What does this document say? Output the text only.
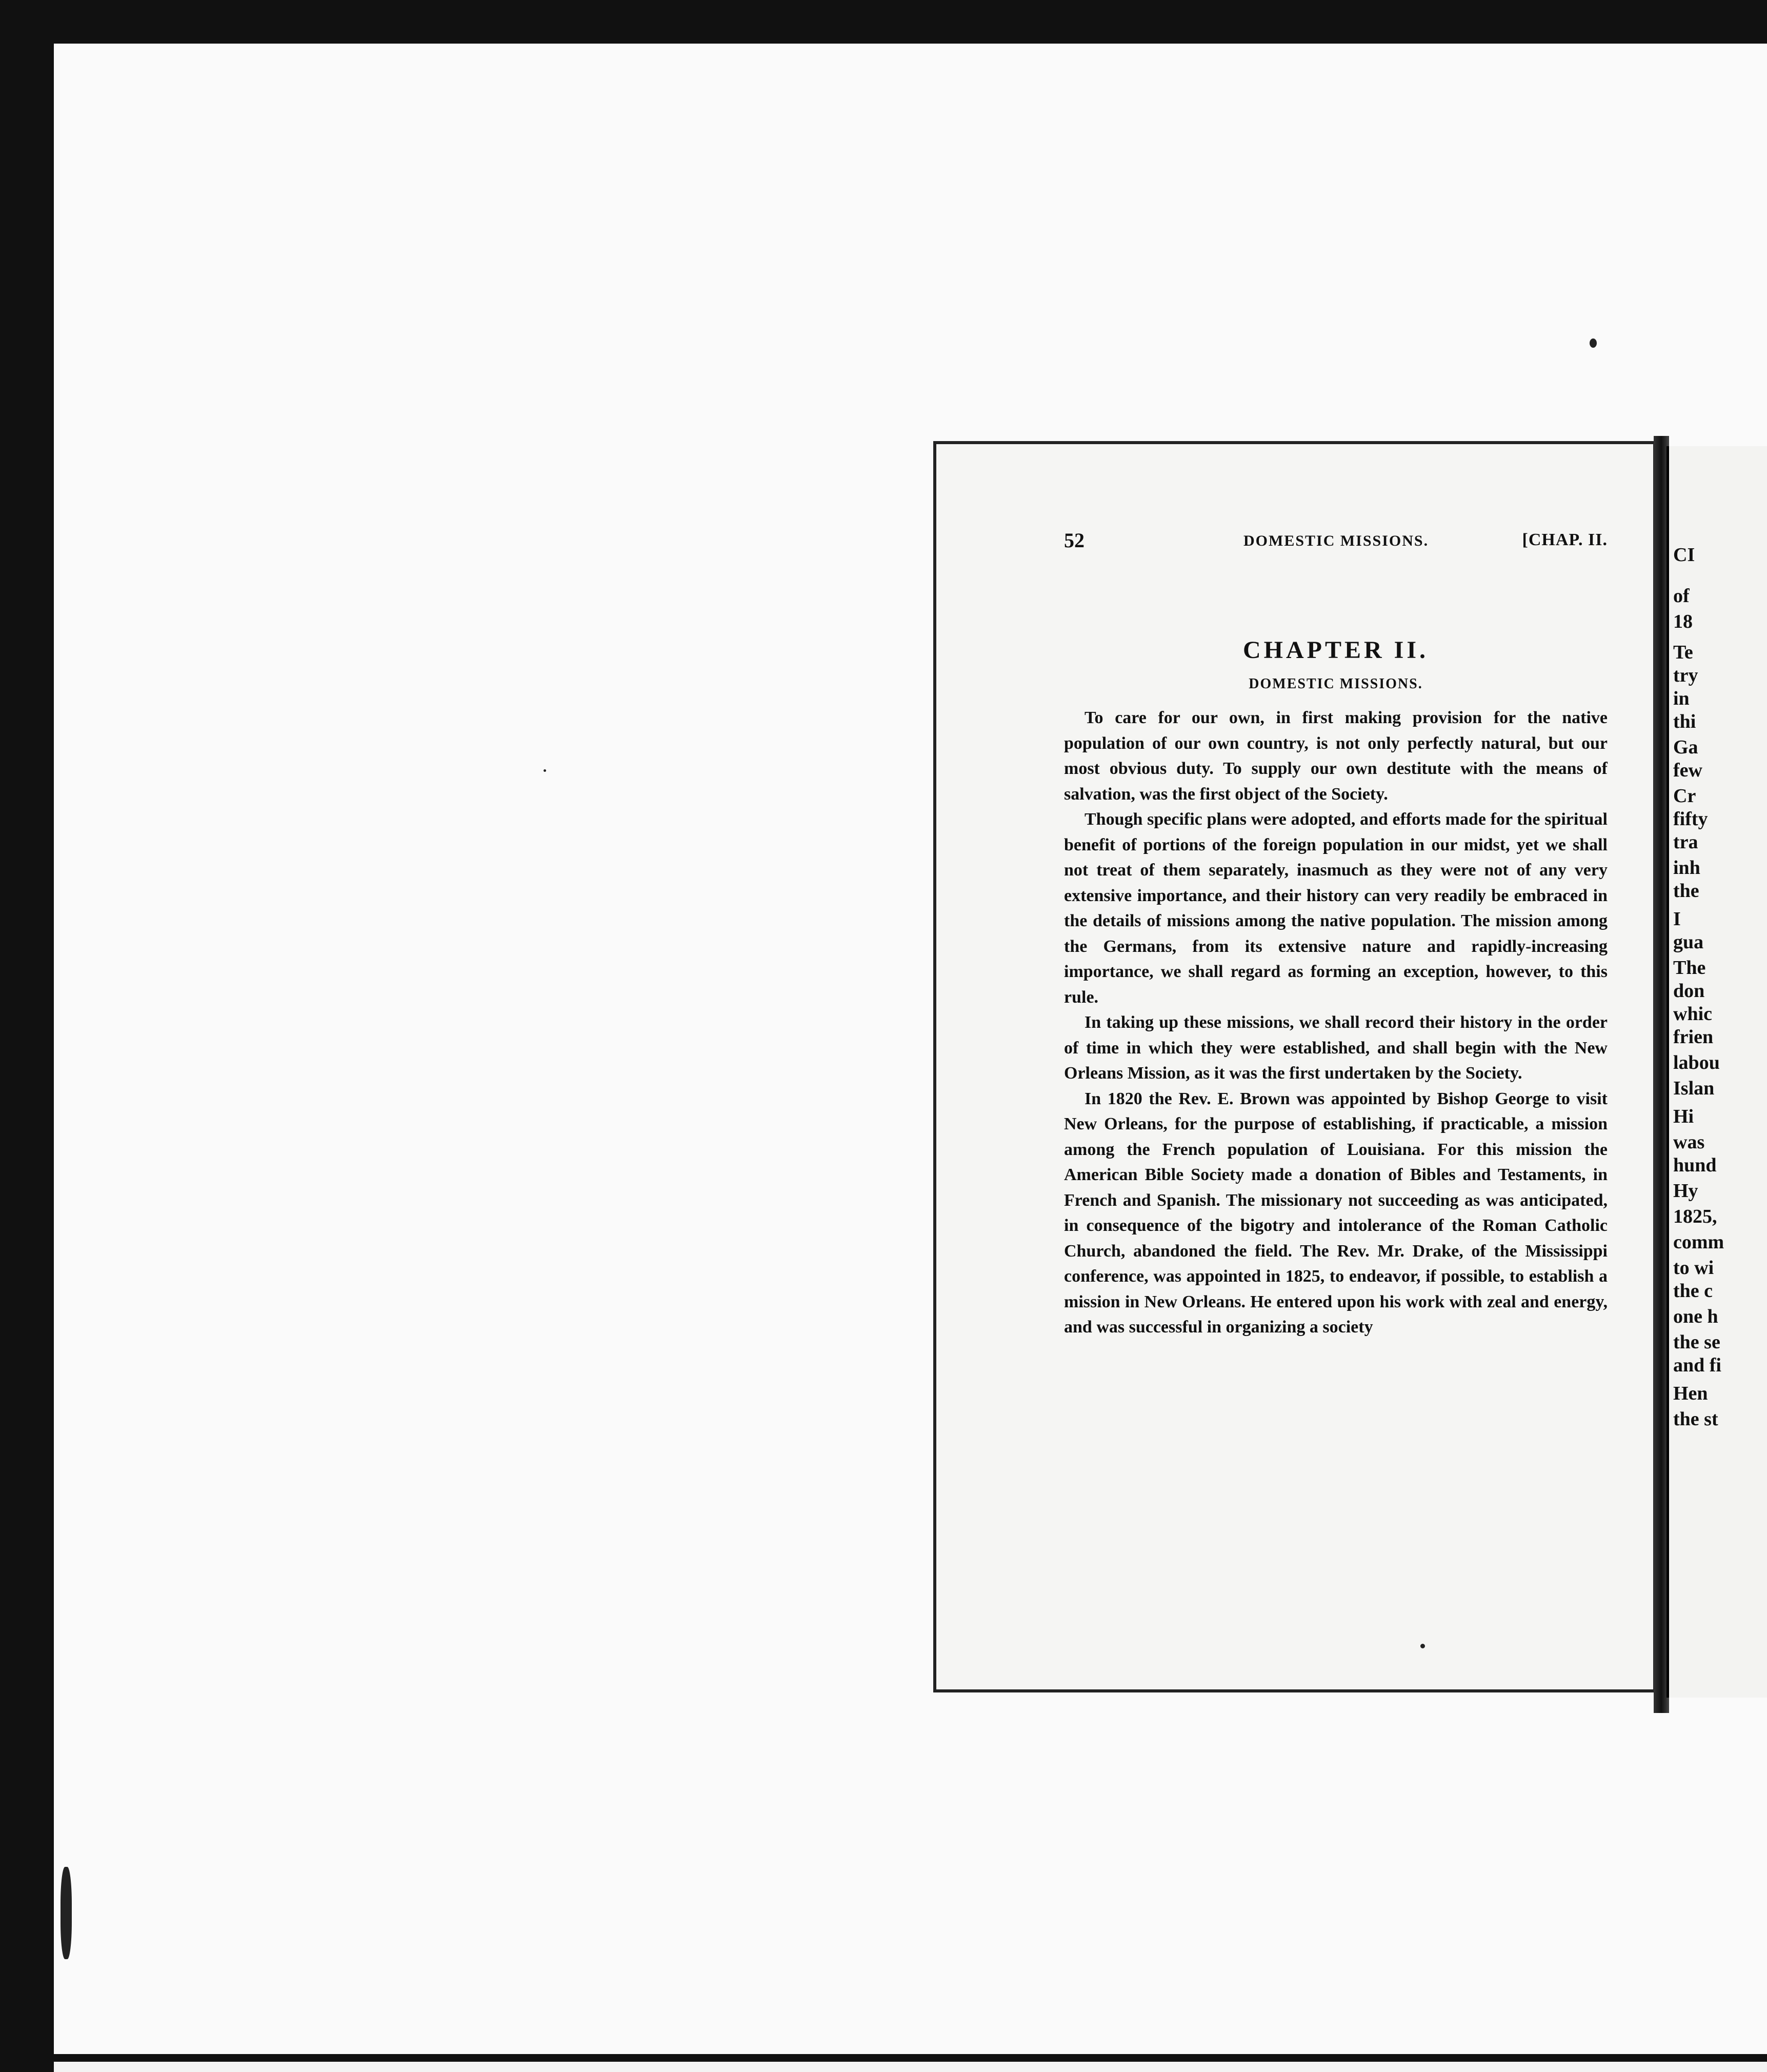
CI
of
18
Te
try
in
thi
Ga
few
Cr
fifty
tra
inh
the
I
gua
The
don
whic
frien
labou
Islan
Hi
was
hund
Hy
1825,
comm
to wi
the c
one h
the se
and fi
Hen
the st
52	DOMESTIC MISSIONS.	[CHAP. II.
CHAPTER II.
DOMESTIC MISSIONS.

To care for our own, in first making provision for the native population of our own country, is not only perfectly natural, but our most obvious duty. To supply our own destitute with the means of salvation, was the first object of the Society.

Though specific plans were adopted, and efforts made for the spiritual benefit of portions of the foreign population in our midst, yet we shall not treat of them separately, inasmuch as they were not of any very extensive importance, and their history can very readily be embraced in the details of missions among the native population. The mission among the Germans, from its extensive nature and rapidly-increasing importance, we shall regard as forming an exception, however, to this rule.

In taking up these missions, we shall record their history in the order of time in which they were established, and shall begin with the New Orleans Mission, as it was the first undertaken by the Society.

In 1820 the Rev. E. Brown was appointed by Bishop George to visit New Orleans, for the purpose of establishing, if practicable, a mission among the French population of Louisiana. For this mission the American Bible Society made a donation of Bibles and Testaments, in French and Spanish. The missionary not succeeding as was anticipated, in consequence of the bigotry and intolerance of the Roman Catholic Church, abandoned the field. The Rev. Mr. Drake, of the Mississippi conference, was appointed in 1825, to endeavor, if possible, to establish a mission in New Orleans. He entered upon his work with zeal and energy, and was successful in organizing a society
